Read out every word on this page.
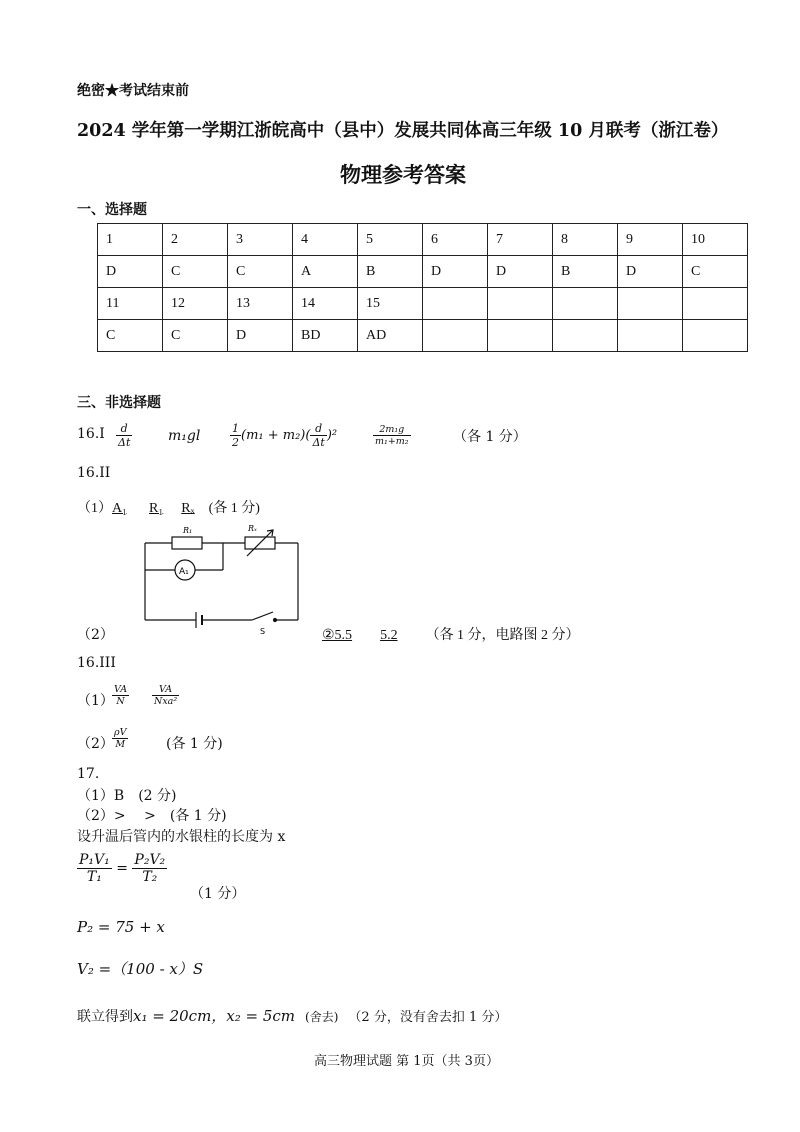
绝密★考试结束前
2024 学年第一学期江浙皖高中（县中）发展共同体高三年级 10 月联考（浙江卷）
物理参考答案
一、选择题
1	2	3	4	5	6	7	8	9	10
D	C	C	A	B	D	D	B	D	C
11	12	13	14	15					
C	C	D	BD	AD					
三、非选择题
$16.I \frac{d}{\Delta t}$	m₁gl	$\frac{1}{2} (m_1 + m_2)( \frac{d}{\Delta t} )^2$	$\frac{\text{2m₁g}}{\text{m₁+m₂}}$	（各 1 分）
16.II
（1）A₁ R₁ Rₓ (各 1 分)
R₁	Rₓ
A₁
S
（2）	②5.5 5.2 （各 1 分，电路图 2 分）
16.III
（1）
$\frac{VA}{N} \frac{VA}{\text{Nxa²}}$
（2）
$\frac{\rho V}{M}$	(各 1 分)
17.
（1）B　(2 分)
（2）>　 >　(各 1 分)
设升温后管内的水银柱的长度为 x
$\frac{\text{P₁V₁}}{\text{T₁}} = \frac{\text{P₂V₂}}{\text{T₂}}$
（1 分）
P₂ = 75 + x
V₂ =（100 - x）S
联立得到x₁ = 20cm，x₂ = 5cm (舍去) （2 分，没有舍去扣 1 分）
高三物理试题 第 1页（共 3页）
